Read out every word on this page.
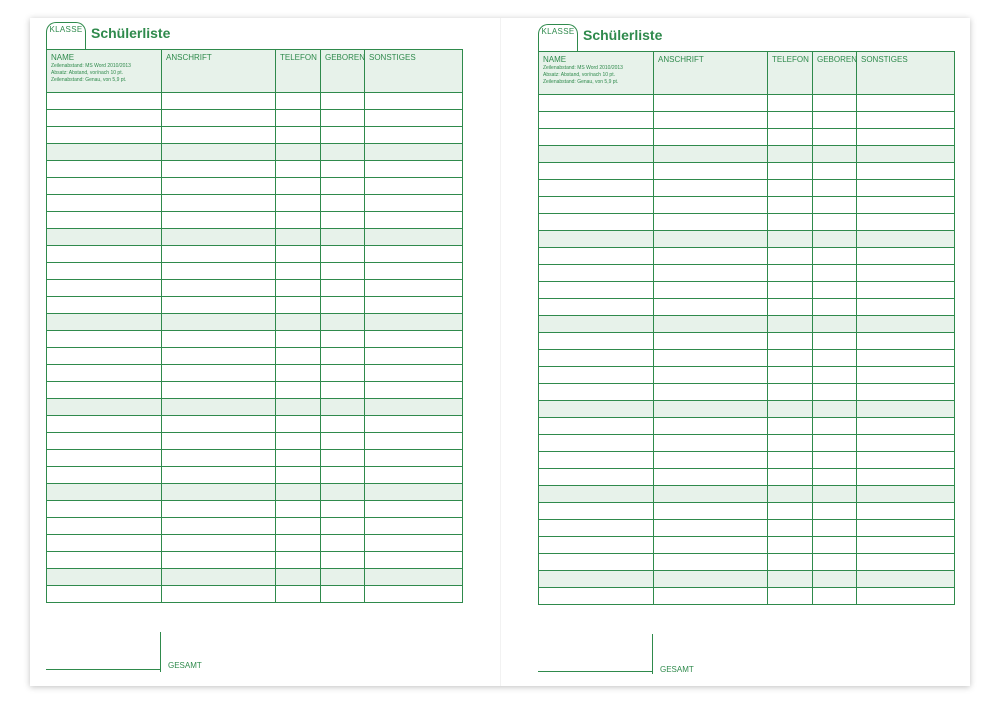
KLASSE Schülerliste
NAME
Zeilenabstand: MS Word 2010/2013
Absatz: Abstand, vor/nach 10 pt.
Zeilenabstand: Genau, von 5,9 pt.	ANSCHRIFT	TELEFON	GEBOREN	SONSTIGES

GESAMT
KLASSE Schülerliste
NAME
Zeilenabstand: MS Word 2010/2013
Absatz: Abstand, vor/nach 10 pt.
Zeilenabstand: Genau, von 5,9 pt.	ANSCHRIFT	TELEFON	GEBOREN	SONSTIGES

GESAMT
